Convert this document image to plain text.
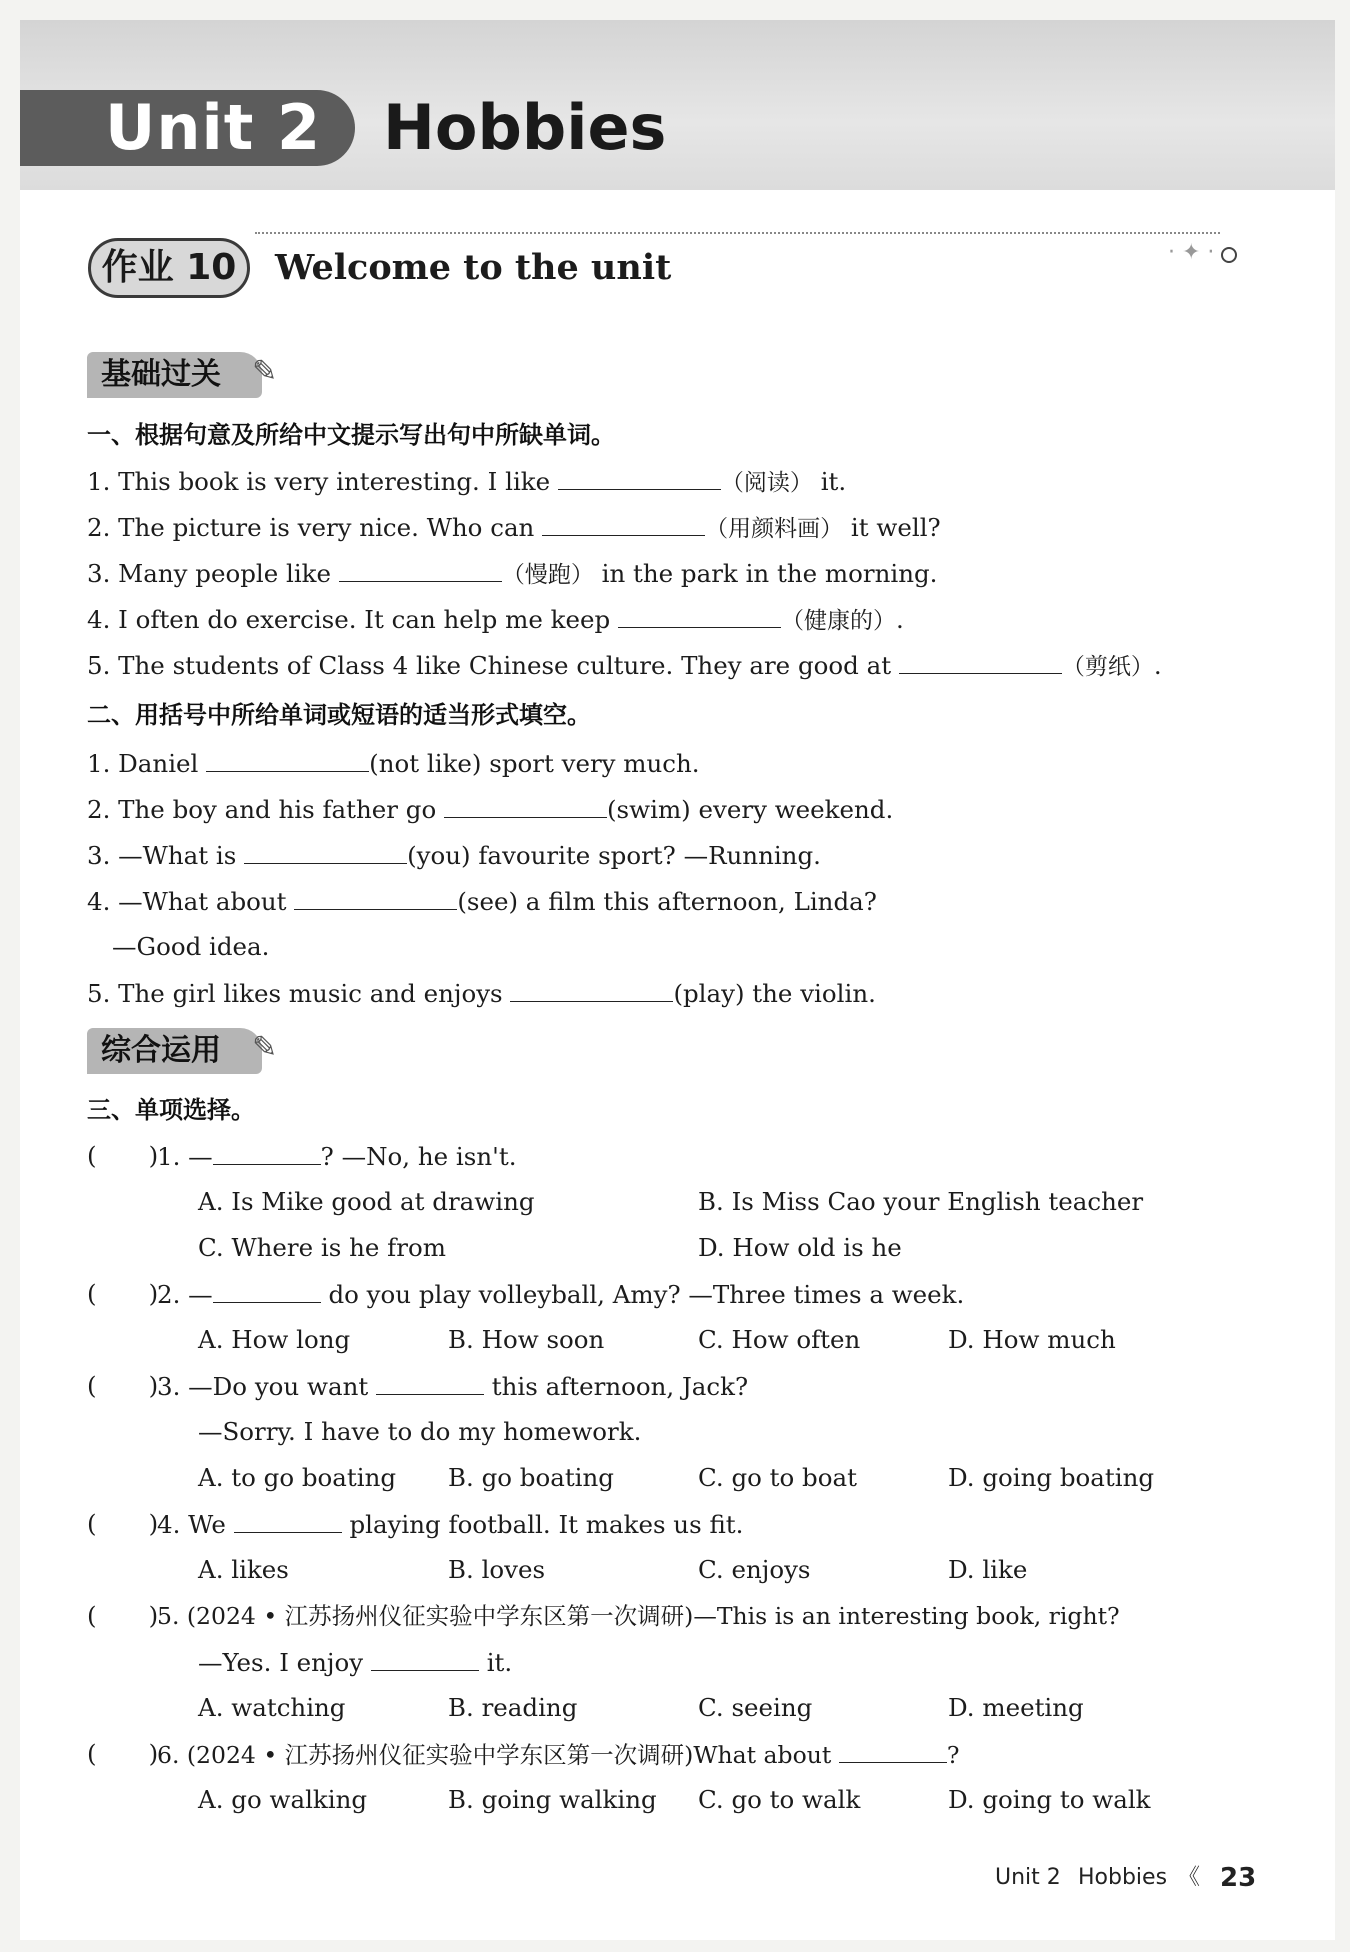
Unit 2 Hobbies
· ✦ ·
作业 10	Welcome to the unit
基础过关	✎
一、根据句意及所给中文提示写出句中所缺单词。
1. This book is very interesting. I like	（阅读） it.
2. The picture is very nice. Who can	（用颜料画） it well?
3. Many people like	（慢跑） in the park in the morning.
4. I often do exercise. It can help me keep	（健康的）.
5. The students of Class 4 like Chinese culture. They are good at	（剪纸）.
二、用括号中所给单词或短语的适当形式填空。
1. Daniel	(not like) sport very much.
2. The boy and his father go	(swim) every weekend.
3. —What is	(you) favourite sport? —Running.
4. —What about	(see) a film this afternoon, Linda?
—Good idea.
5. The girl likes music and enjoys	(play) the violin.
综合运用	✎
三、单项选择。
( )
1. —	? —No, he isn't.
A. Is Mike good at drawing	B. Is Miss Cao your English teacher
C. Where is he from	D. How old is he
( )
2. —	do you play volleyball, Amy? —Three times a week.
A. How long	B. How soon	C. How often	D. How much
( )
3. —Do you want	this afternoon, Jack?
—Sorry. I have to do my homework.
A. to go boating B. go boating	C. go to boat	D. going boating
( )
4. We	playing football. It makes us fit.
A. likes	B. loves	C. enjoys	D. like
( )
5. (2024 • 江苏扬州仪征实验中学东区第一次调研)—This is an interesting book, right?
—Yes. I enjoy	it.
A. watching	B. reading	C. seeing	D. meeting
( )
6. (2024 • 江苏扬州仪征实验中学东区第一次调研)What about	?
A. go walking	B. going walking C. go to walk	D. going to walk
Unit 2 Hobbies 《 23
